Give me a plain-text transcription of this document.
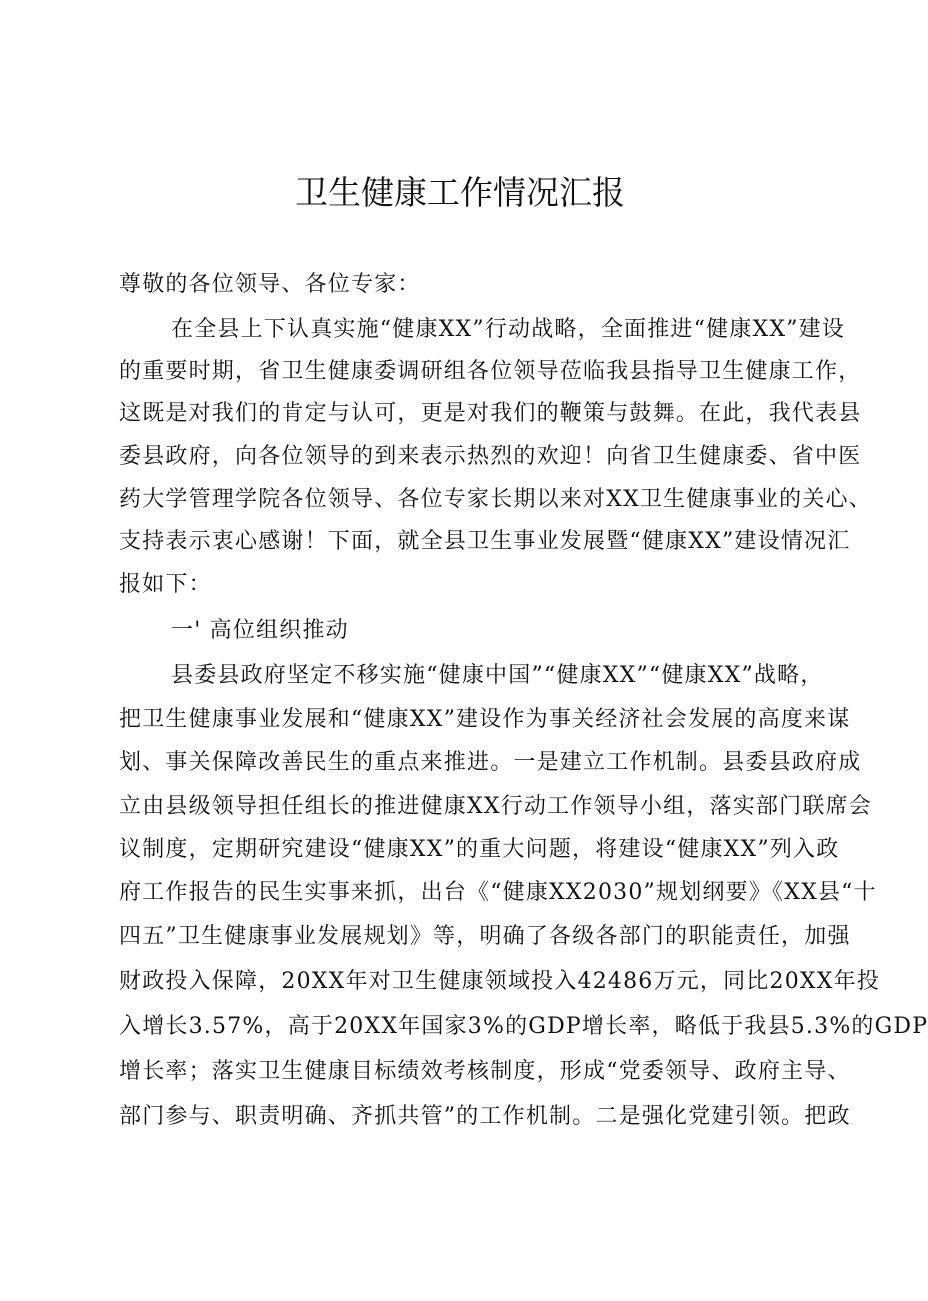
卫生健康工作情况汇报

尊敬的各位领导、各位专家：

在全县上下认真实施“健康XX”行动战略，全面推进“健康XX”建设

的重要时期，省卫生健康委调研组各位领导莅临我县指导卫生健康工作，

这既是对我们的肯定与认可，更是对我们的鞭策与鼓舞。在此，我代表县

委县政府，向各位领导的到来表示热烈的欢迎！向省卫生健康委、省中医

药大学管理学院各位领导、各位专家长期以来对XX卫生健康事业的关心、

支持表示衷心感谢！下面，就全县卫生事业发展暨“健康XX”建设情况汇

报如下：

一' 高位组织推动

县委县政府坚定不移实施“健康中国”“健康XX”“健康XX”战略，

把卫生健康事业发展和“健康XX”建设作为事关经济社会发展的高度来谋

划、事关保障改善民生的重点来推进。一是建立工作机制。县委县政府成

立由县级领导担任组长的推进健康XX行动工作领导小组，落实部门联席会

议制度，定期研究建设“健康XX”的重大问题，将建设“健康XX”列入政

府工作报告的民生实事来抓，出台《“健康XX2030”规划纲要》《XX县“十

四五”卫生健康事业发展规划》等，明确了各级各部门的职能责任，加强

财政投入保障，20XX年对卫生健康领域投入42486万元，同比20XX年投

入增长3.57%，高于20XX年国家3%的GDP增长率，略低于我县5.3%的GDP

增长率；落实卫生健康目标绩效考核制度，形成“党委领导、政府主导、

部门参与、职责明确、齐抓共管”的工作机制。二是强化党建引领。把政
